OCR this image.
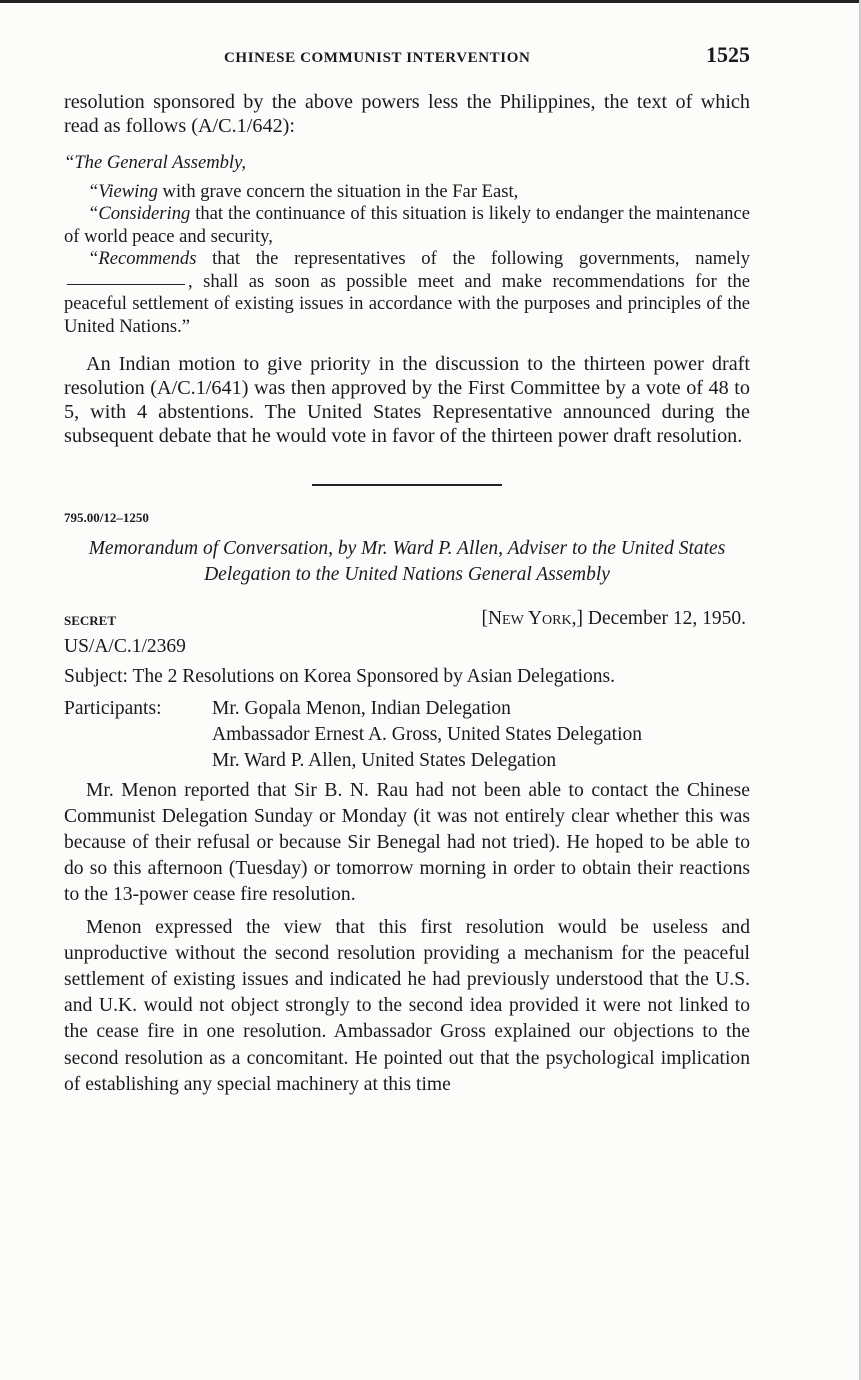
CHINESE COMMUNIST INTERVENTION	1525

resolution sponsored by the above powers less the Philippines, the text of which read as follows (A/C.1/642):

“The General Assembly,

“Viewing with grave concern the situation in the Far East,

“Considering that the continuance of this situation is likely to endanger the maintenance of world peace and security,

“Recommends that the representatives of the following governments, namely, shall as soon as possible meet and make recommendations for the peaceful settlement of existing issues in accordance with the purposes and principles of the United Nations.”

An Indian motion to give priority in the discussion to the thirteen power draft resolution (A/C.1/641) was then approved by the First Committee by a vote of 48 to 5, with 4 abstentions. The United States Representative announced during the subsequent debate that he would vote in favor of the thirteen power draft resolution.

795.00/12–1250
Memorandum of Conversation, by Mr. Ward P. Allen, Adviser to the United States Delegation to the United Nations General Assembly
SECRET	[New York,] December 12, 1950.
US/A/C.1/2369

Subject: The 2 Resolutions on Korea Sponsored by Asian Delegations.

Participants:	Mr. Gopala Menon, Indian Delegation
Ambassador Ernest A. Gross, United States Delegation
Mr. Ward P. Allen, United States Delegation

Mr. Menon reported that Sir B. N. Rau had not been able to contact the Chinese Communist Delegation Sunday or Monday (it was not entirely clear whether this was because of their refusal or because Sir Benegal had not tried). He hoped to be able to do so this afternoon (Tuesday) or tomorrow morning in order to obtain their reactions to the 13-power cease fire resolution.

Menon expressed the view that this first resolution would be useless and unproductive without the second resolution providing a mechanism for the peaceful settlement of existing issues and indicated he had previously understood that the U.S. and U.K. would not object strongly to the second idea provided it were not linked to the cease fire in one resolution. Ambassador Gross explained our objections to the second resolution as a concomitant. He pointed out that the psychological implication of establishing any special machinery at this time
